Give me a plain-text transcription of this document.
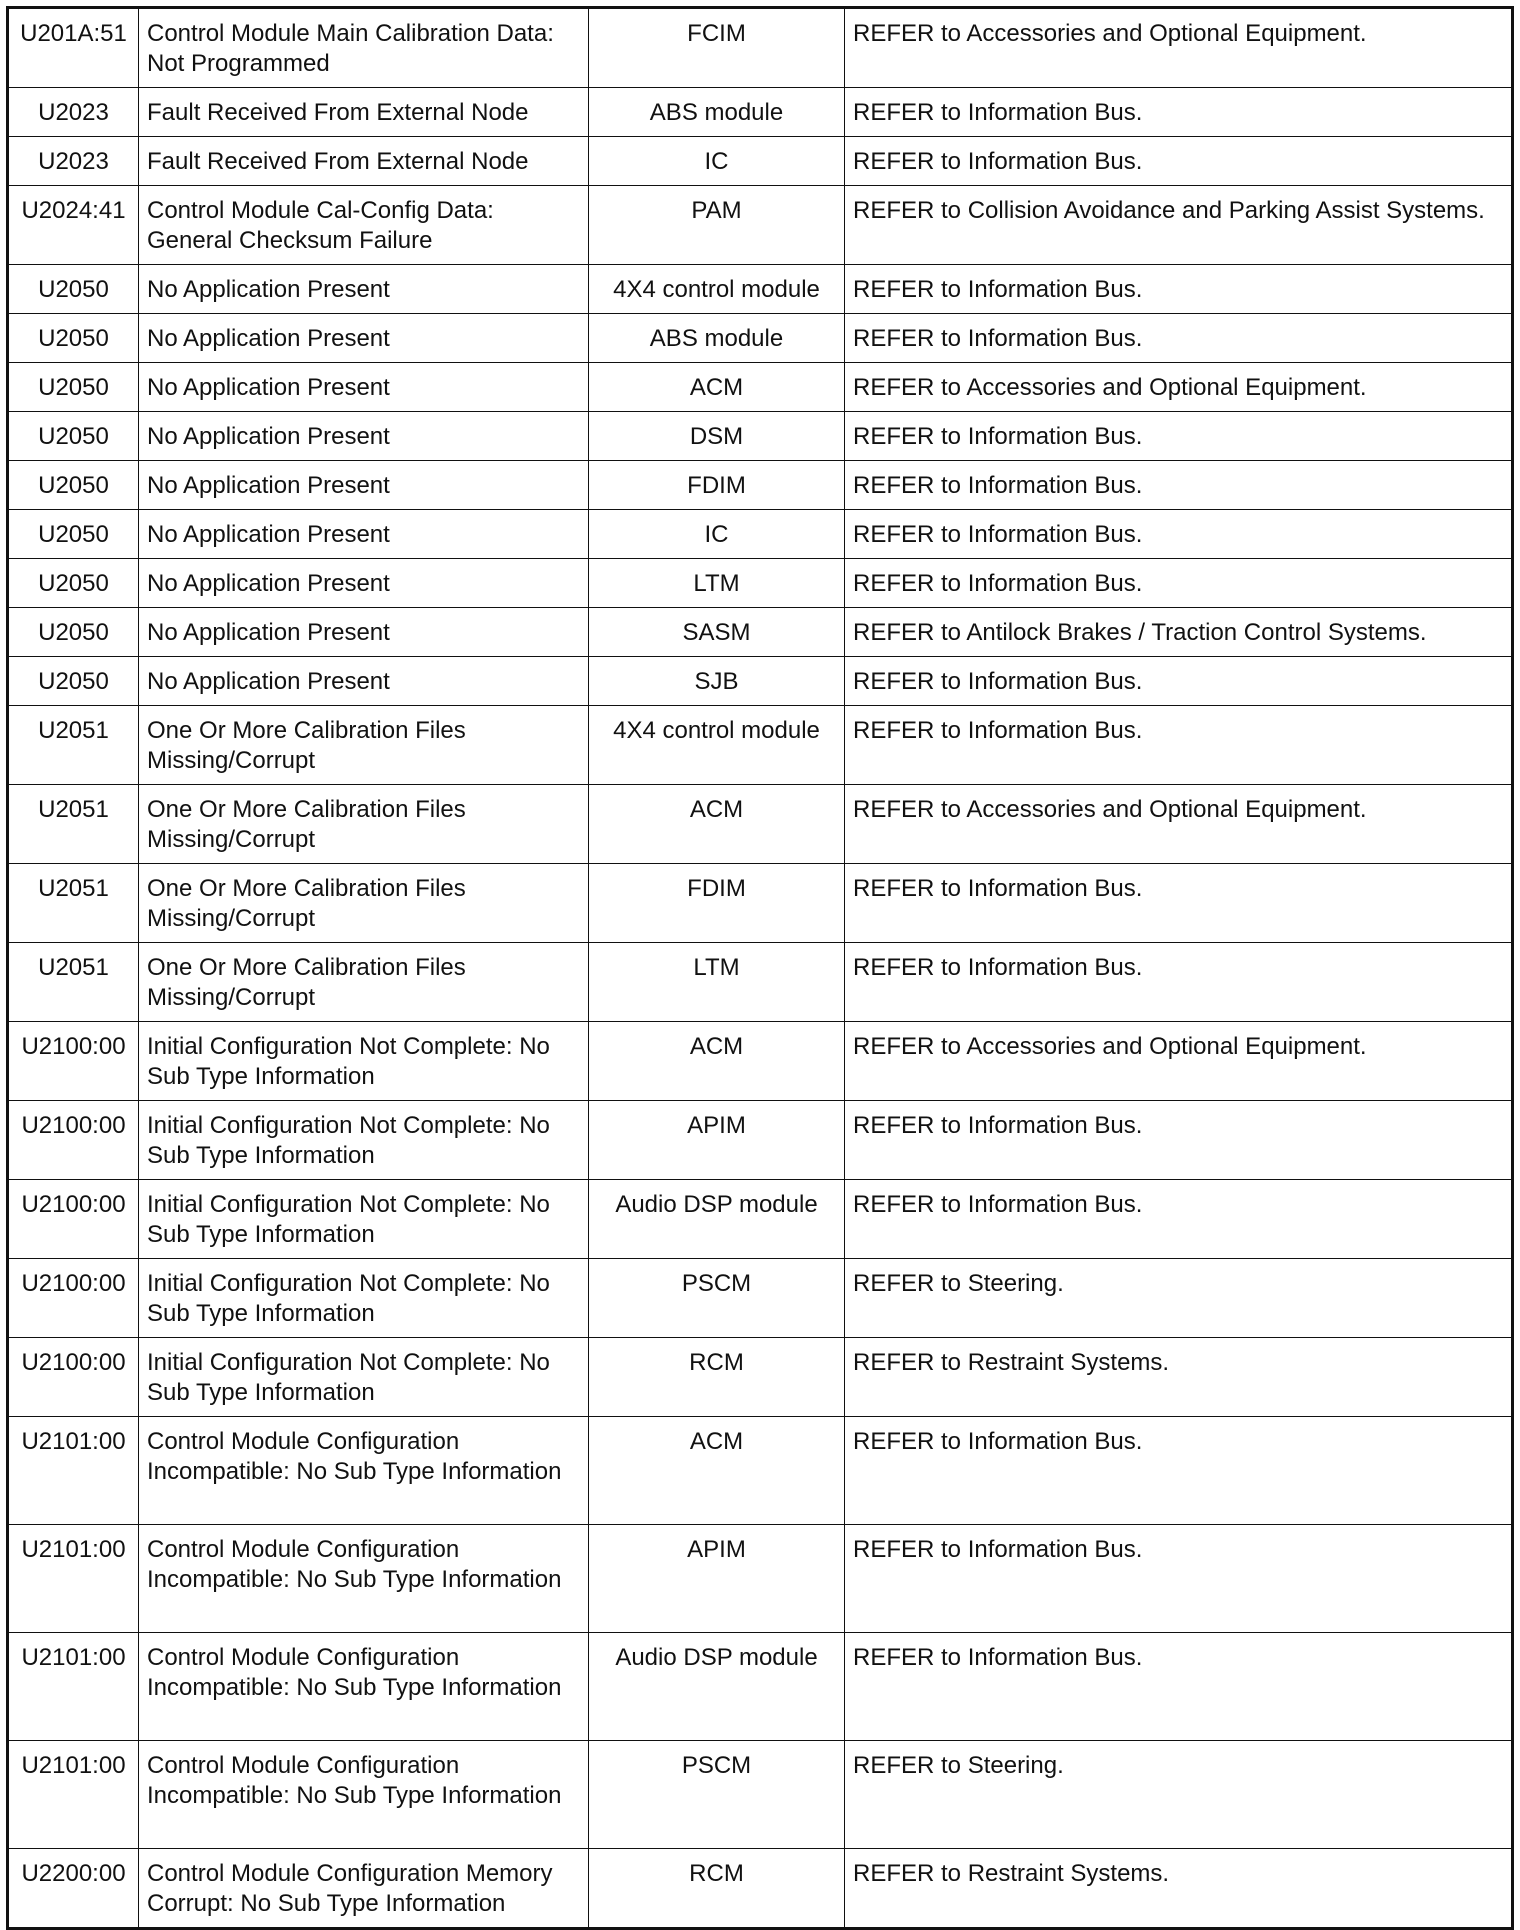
U201A:51	Control Module Main Calibration Data: Not Programmed	FCIM	REFER to Accessories and Optional Equipment.
U2023	Fault Received From External Node	ABS module	REFER to Information Bus.
U2023	Fault Received From External Node	IC	REFER to Information Bus.
U2024:41	Control Module Cal-Config Data: General Checksum Failure	PAM	REFER to Collision Avoidance and Parking Assist Systems.
U2050	No Application Present	4X4 control module	REFER to Information Bus.
U2050	No Application Present	ABS module	REFER to Information Bus.
U2050	No Application Present	ACM	REFER to Accessories and Optional Equipment.
U2050	No Application Present	DSM	REFER to Information Bus.
U2050	No Application Present	FDIM	REFER to Information Bus.
U2050	No Application Present	IC	REFER to Information Bus.
U2050	No Application Present	LTM	REFER to Information Bus.
U2050	No Application Present	SASM	REFER to Antilock Brakes / Traction Control Systems.
U2050	No Application Present	SJB	REFER to Information Bus.
U2051	One Or More Calibration Files Missing/Corrupt	4X4 control module	REFER to Information Bus.
U2051	One Or More Calibration Files Missing/Corrupt	ACM	REFER to Accessories and Optional Equipment.
U2051	One Or More Calibration Files Missing/Corrupt	FDIM	REFER to Information Bus.
U2051	One Or More Calibration Files Missing/Corrupt	LTM	REFER to Information Bus.
U2100:00	Initial Configuration Not Complete: No Sub Type Information	ACM	REFER to Accessories and Optional Equipment.
U2100:00	Initial Configuration Not Complete: No Sub Type Information	APIM	REFER to Information Bus.
U2100:00	Initial Configuration Not Complete: No Sub Type Information	Audio DSP module	REFER to Information Bus.
U2100:00	Initial Configuration Not Complete: No Sub Type Information	PSCM	REFER to Steering.
U2100:00	Initial Configuration Not Complete: No Sub Type Information	RCM	REFER to Restraint Systems.
U2101:00	Control Module Configuration Incompatible: No Sub Type Information	ACM	REFER to Information Bus.
U2101:00	Control Module Configuration Incompatible: No Sub Type Information	APIM	REFER to Information Bus.
U2101:00	Control Module Configuration Incompatible: No Sub Type Information	Audio DSP module	REFER to Information Bus.
U2101:00	Control Module Configuration Incompatible: No Sub Type Information	PSCM	REFER to Steering.
U2200:00	Control Module Configuration Memory Corrupt: No Sub Type Information	RCM	REFER to Restraint Systems.
